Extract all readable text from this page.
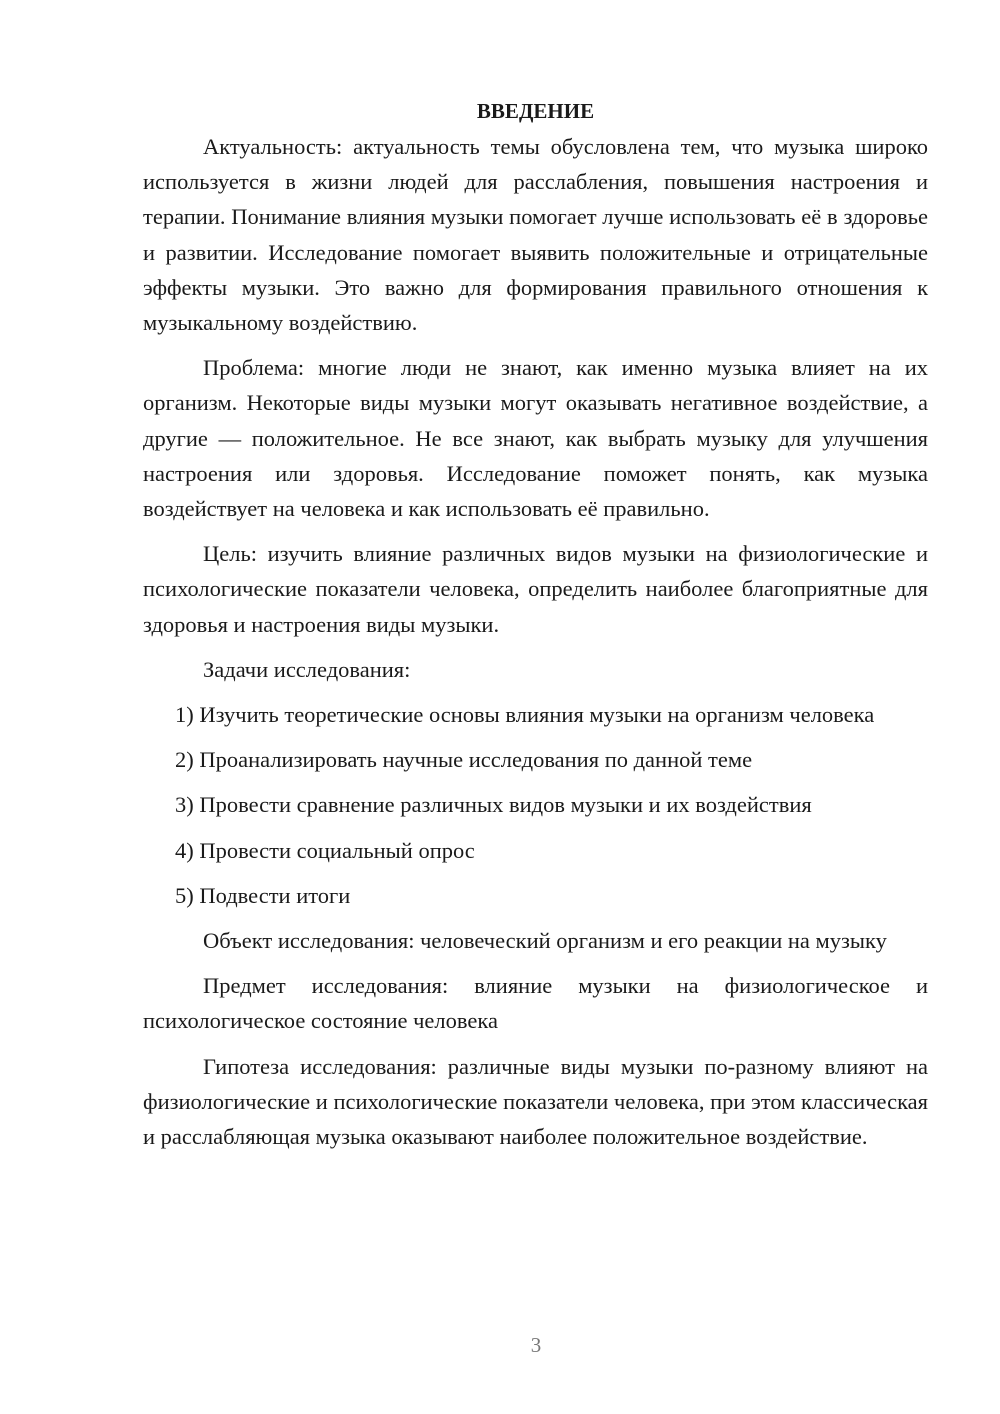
ВВЕДЕНИЕ

Актуальность: актуальность темы обусловлена тем, что музыка широко используется в жизни людей для расслабления, повышения настроения и терапии. Понимание влияния музыки помогает лучше использовать её в здоровье и развитии. Исследование помогает выявить положительные и отрицательные эффекты музыки. Это важно для формирования правильного отношения к музыкальному воздействию.

Проблема: многие люди не знают, как именно музыка влияет на их организм. Некоторые виды музыки могут оказывать негативное воздействие, а другие — положительное. Не все знают, как выбрать музыку для улучшения настроения или здоровья. Исследование поможет понять, как музыка воздействует на человека и как использовать её правильно.

Цель: изучить влияние различных видов музыки на физиологические и психологические показатели человека, определить наиболее благоприятные для здоровья и настроения виды музыки.

Задачи исследования:

1) Изучить теоретические основы влияния музыки на организм человека

2) Проанализировать научные исследования по данной теме

3) Провести сравнение различных видов музыки и их воздействия

4) Провести социальный опрос

5) Подвести итоги

Объект исследования: человеческий организм и его реакции на музыку

Предмет исследования: влияние музыки на физиологическое и психологическое состояние человека

Гипотеза исследования: различные виды музыки по-разному влияют на физиологические и психологические показатели человека, при этом классическая и расслабляющая музыка оказывают наиболее положительное воздействие.

3
